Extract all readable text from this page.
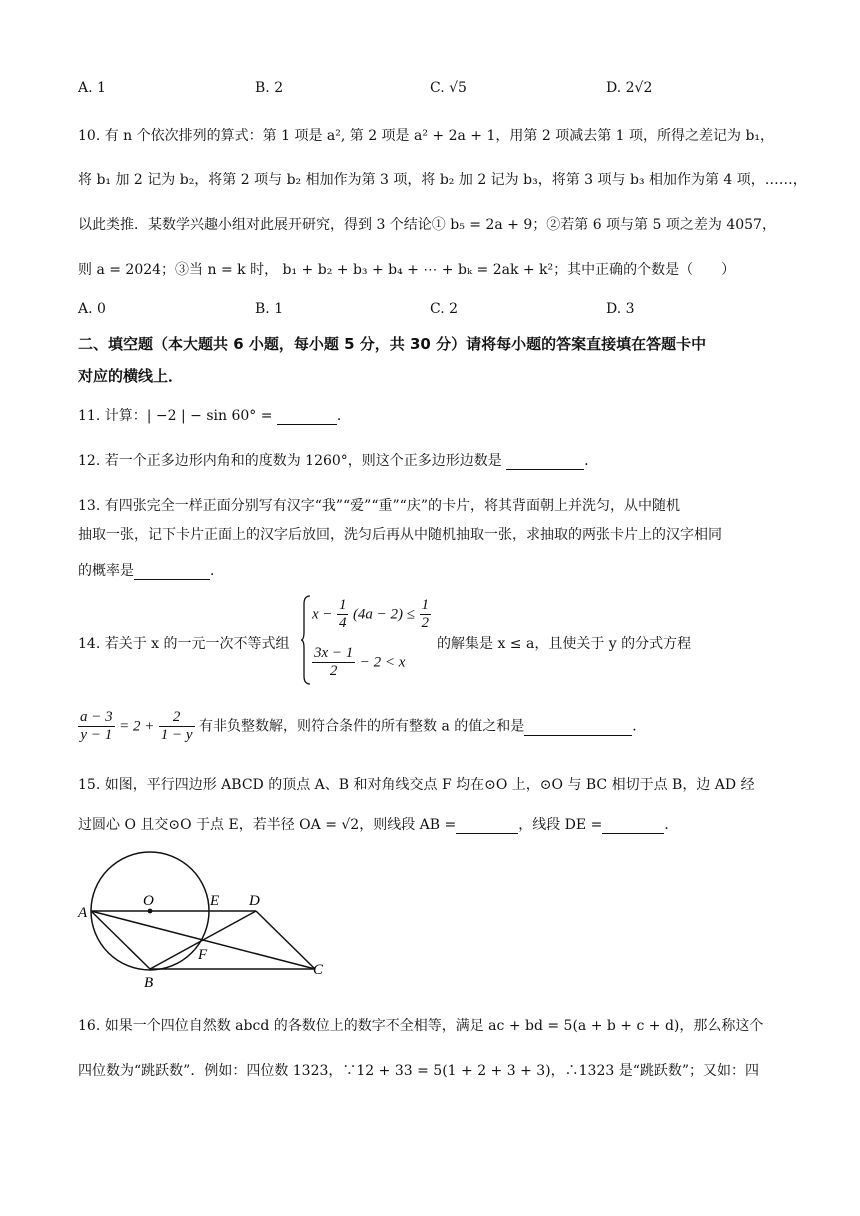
A. 1	B. 2	C. √5	D. 2√2
10. 有 n 个依次排列的算式：第 1 项是 a², 第 2 项是 a² + 2a + 1，用第 2 项减去第 1 项，所得之差记为 b₁，
将 b₁ 加 2 记为 b₂，将第 2 项与 b₂ 相加作为第 3 项，将 b₂ 加 2 记为 b₃，将第 3 项与 b₃ 相加作为第 4 项，……，
以此类推．某数学兴趣小组对此展开研究，得到 3 个结论① b₅ = 2a + 9；②若第 6 项与第 5 项之差为 4057，
则 a = 2024；③当 n = k 时， b₁ + b₂ + b₃ + b₄ + ⋯ + bₖ = 2ak + k²；其中正确的个数是（　　）
A. 0	B. 1	C. 2	D. 3
二、填空题（本大题共 6 小题，每小题 5 分，共 30 分）请将每小题的答案直接填在答题卡中
对应的横线上．
11. 计算：| −2 | − sin 60° =	．
12. 若一个正多边形内角和的度数为 1260°，则这个正多边形边数是	．
13. 有四张完全一样正面分别写有汉字“我”“爱”“重”“庆”的卡片，将其背面朝上并洗匀，从中随机
抽取一张，记下卡片正面上的汉字后放回，洗匀后再从中随机抽取一张，求抽取的两张卡片上的汉字相同
的概率是	．
14. 若关于 x 的一元一次不等式组
$x - \frac{1}{4} (4a - 2) \le \frac{1}{2}$
$\frac{3x - 1}{2} - 2 < x$
的解集是 x ≤ a，且使关于 y 的分式方程
$\frac{a - 3}{y - 1} = 2 + \frac{2}{1 - y}$ 有非负整数解，则符合条件的所有整数 a 的值之和是	．
15. 如图，平行四边形 ABCD 的顶点 A、B 和对角线交点 F 均在⊙O 上，⊙O 与 BC 相切于点 B，边 AD 经
过圆心 O 且交⊙O 于点 E，若半径 OA = √2，则线段 AB =	，线段 DE =	．
A
O	E D
F
B
C
16. 如果一个四位自然数 abcd 的各数位上的数字不全相等，满足 ac + bd = 5(a + b + c + d)，那么称这个
四位数为“跳跃数”．例如：四位数 1323，∵12 + 33 = 5(1 + 2 + 3 + 3)，∴1323 是“跳跃数”；又如：四
